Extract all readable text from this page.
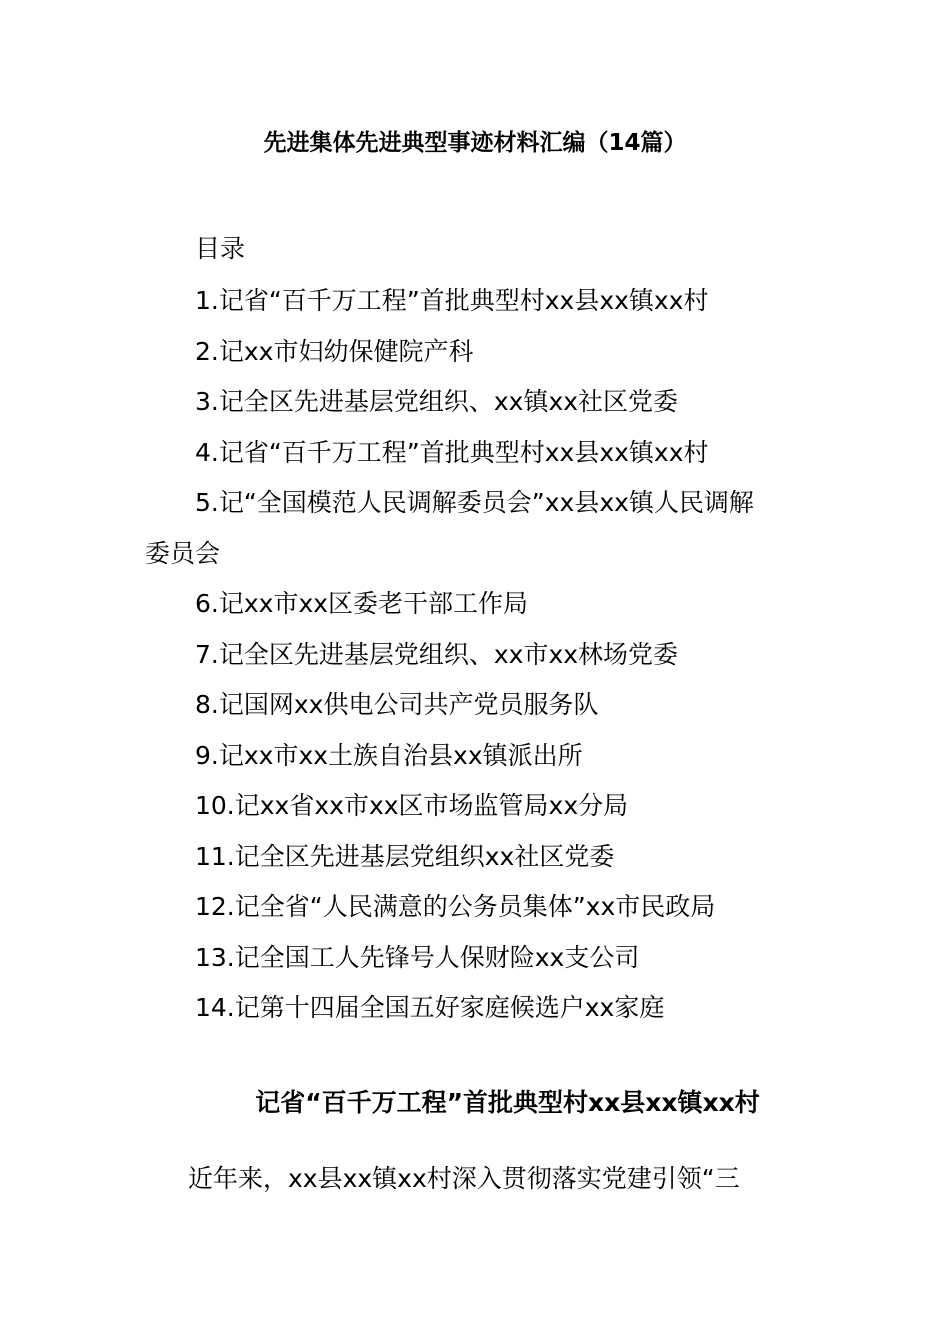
先进集体先进典型事迹材料汇编（14篇）
目录
1.记省“百千万工程”首批典型村xx县xx镇xx村
2.记xx市妇幼保健院产科
3.记全区先进基层党组织、xx镇xx社区党委
4.记省“百千万工程”首批典型村xx县xx镇xx村
5.记“全国模范人民调解委员会”xx县xx镇人民调解
委员会
6.记xx市xx区委老干部工作局
7.记全区先进基层党组织、xx市xx林场党委
8.记国网xx供电公司共产党员服务队
9.记xx市xx土族自治县xx镇派出所
10.记xx省xx市xx区市场监管局xx分局
11.记全区先进基层党组织xx社区党委
12.记全省“人民满意的公务员集体”xx市民政局
13.记全国工人先锋号人保财险xx支公司
14.记第十四届全国五好家庭候选户xx家庭
记省“百千万工程”首批典型村xx县xx镇xx村
近年来，xx县xx镇xx村深入贯彻落实党建引领“三
